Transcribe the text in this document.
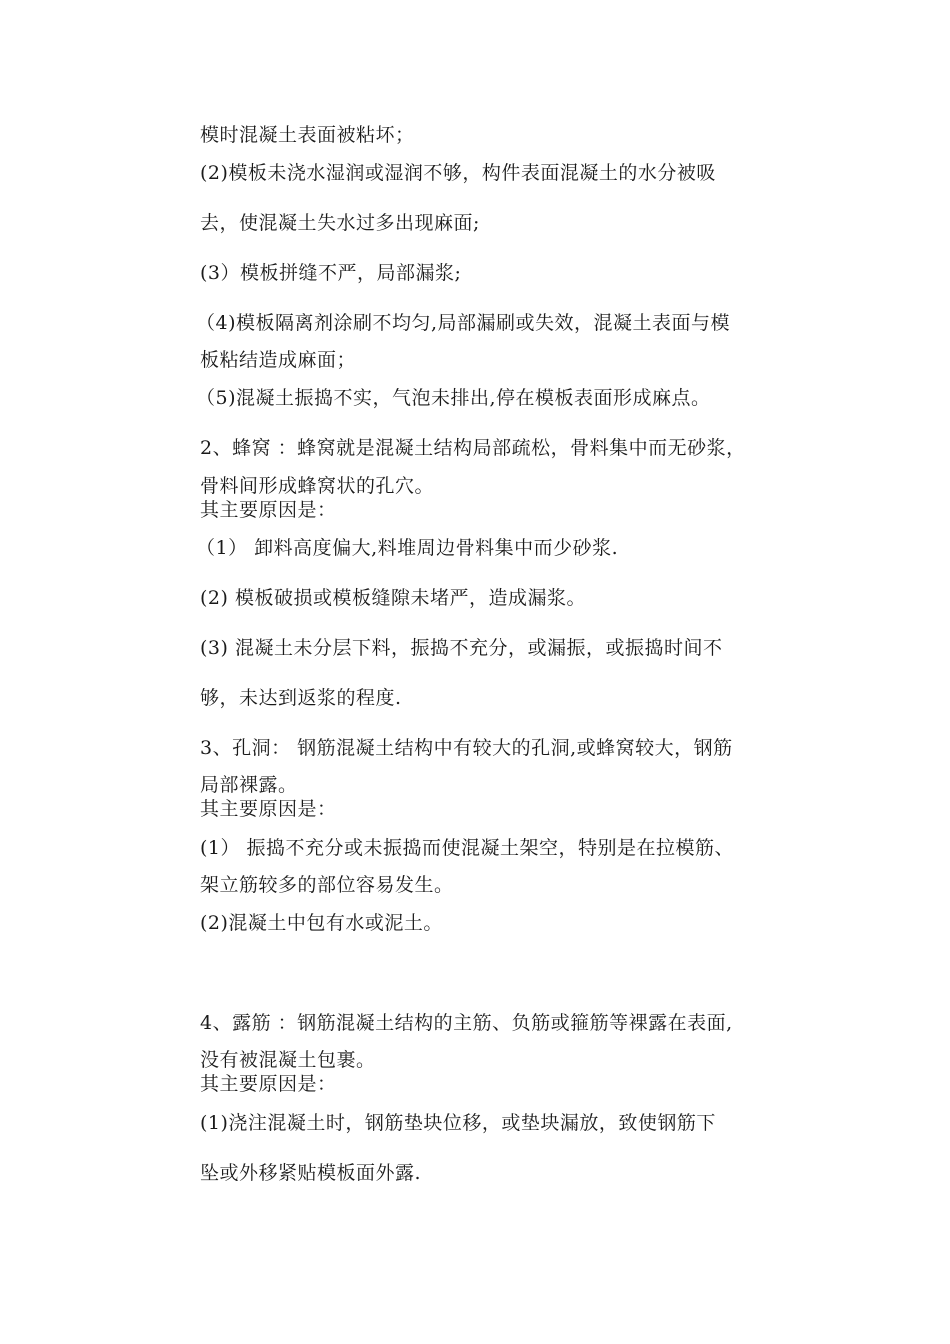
模时混凝土表面被粘坏；
(2)模板未浇水湿润或湿润不够，构件表面混凝土的水分被吸
去，使混凝土失水过多出现麻面;
(3）模板拼缝不严，局部漏浆;
（4)模板隔离剂涂刷不均匀,局部漏刷或失效，混凝土表面与模
板粘结造成麻面；
（5)混凝土振捣不实，气泡未排出,停在模板表面形成麻点。
2、蜂窝 ：蜂窝就是混凝土结构局部疏松，骨料集中而无砂浆，
骨料间形成蜂窝状的孔穴。
其主要原因是：
（1） 卸料高度偏大,料堆周边骨料集中而少砂浆.
(2) 模板破损或模板缝隙未堵严，造成漏浆。
(3) 混凝土未分层下料，振捣不充分，或漏振，或振捣时间不
够，未达到返浆的程度.
3、孔洞： 钢筋混凝土结构中有较大的孔洞,或蜂窝较大，钢筋
局部裸露。
其主要原因是：
(1） 振捣不充分或未振捣而使混凝土架空，特别是在拉模筋、
架立筋较多的部位容易发生。
(2)混凝土中包有水或泥土。
4、露筋 ：钢筋混凝土结构的主筋、负筋或箍筋等裸露在表面,
没有被混凝土包裹。
其主要原因是：
(1)浇注混凝土时，钢筋垫块位移，或垫块漏放，致使钢筋下
坠或外移紧贴模板面外露.
